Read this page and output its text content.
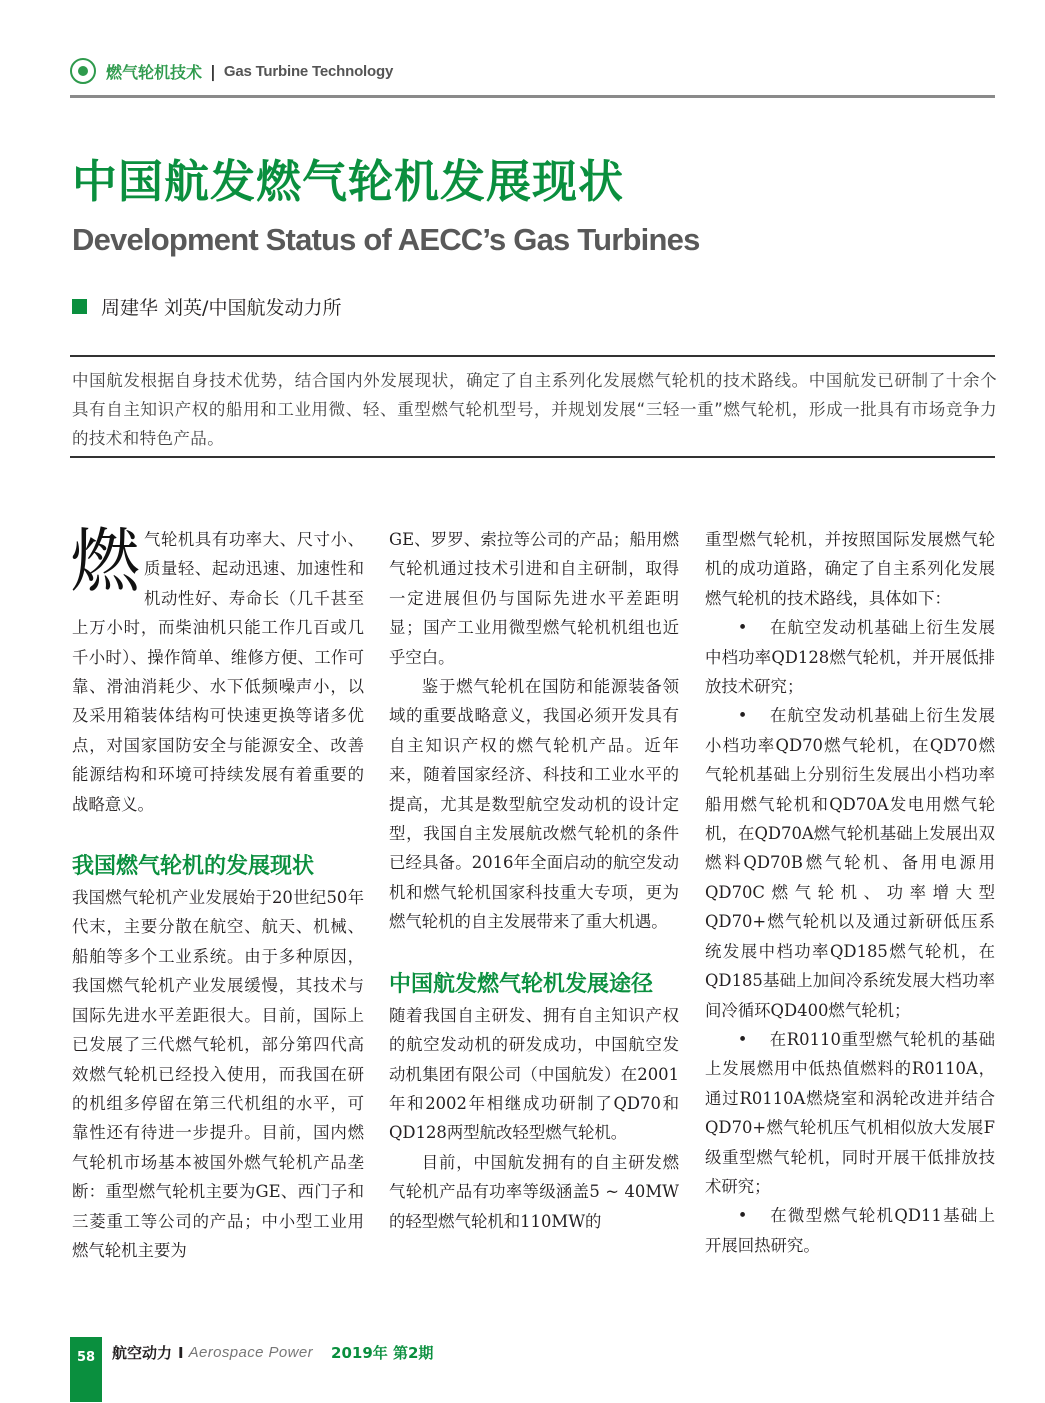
燃气轮机技术 | Gas Turbine Technology
中国航发燃气轮机发展现状
Development Status of AECC’s Gas Turbines
周建华 刘英/中国航发动力所

中国航发根据自身技术优势，结合国内外发展现状，确定了自主系列化发展燃气轮机的技术路线。中国航发已研制了十余个具有自主知识产权的船用和工业用微、轻、重型燃气轮机型号，并规划发展“三轻一重”燃气轮机，形成一批具有市场竞争力的技术和特色产品。

燃气轮机具有功率大、尺寸小、质量轻、起动迅速、加速性和机动性好、寿命长（几千甚至上万小时，而柴油机只能工作几百或几千小时）、操作简单、维修方便、工作可靠、滑油消耗少、水下低频噪声小，以及采用箱装体结构可快速更换等诸多优点，对国家国防安全与能源安全、改善能源结构和环境可持续发展有着重要的战略意义。

我国燃气轮机的发展现状

我国燃气轮机产业发展始于20世纪50年代末，主要分散在航空、航天、机械、船舶等多个工业系统。由于多种原因，我国燃气轮机产业发展缓慢，其技术与国际先进水平差距很大。目前，国际上已发展了三代燃气轮机，部分第四代高效燃气轮机已经投入使用，而我国在研的机组多停留在第三代机组的水平，可靠性还有待进一步提升。目前，国内燃气轮机市场基本被国外燃气轮机产品垄断：重型燃气轮机主要为GE、西门子和三菱重工等公司的产品；中小型工业用燃气轮机主要为

GE、罗罗、索拉等公司的产品；船用燃气轮机通过技术引进和自主研制，取得一定进展但仍与国际先进水平差距明显；国产工业用微型燃气轮机机组也近乎空白。

鉴于燃气轮机在国防和能源装备领域的重要战略意义，我国必须开发具有自主知识产权的燃气轮机产品。近年来，随着国家经济、科技和工业水平的提高，尤其是数型航空发动机的设计定型，我国自主发展航改燃气轮机的条件已经具备。2016年全面启动的航空发动机和燃气轮机国家科技重大专项，更为燃气轮机的自主发展带来了重大机遇。

中国航发燃气轮机发展途径

随着我国自主研发、拥有自主知识产权的航空发动机的研发成功，中国航空发动机集团有限公司（中国航发）在2001年和2002年相继成功研制了QD70和QD128两型航改轻型燃气轮机。

目前，中国航发拥有的自主研发燃气轮机产品有功率等级涵盖5 ~ 40MW的轻型燃气轮机和110MW的

重型燃气轮机，并按照国际发展燃气轮机的成功道路，确定了自主系列化发展燃气轮机的技术路线，具体如下：

• 在航空发动机基础上衍生发展中档功率QD128燃气轮机，并开展低排放技术研究；

• 在航空发动机基础上衍生发展小档功率QD70燃气轮机，在QD70燃气轮机基础上分别衍生发展出小档功率船用燃气轮机和QD70A发电用燃气轮机，在QD70A燃气轮机基础上发展出双燃料QD70B燃气轮机、备用电源用QD70C燃气轮机、功率增大型QD70+燃气轮机以及通过新研低压系统发展中档功率QD185燃气轮机，在QD185基础上加间冷系统发展大档功率间冷循环QD400燃气轮机；

• 在R0110重型燃气轮机的基础上发展燃用中低热值燃料的R0110A，通过R0110A燃烧室和涡轮改进并结合QD70+燃气轮机压气机相似放大发展F级重型燃气轮机，同时开展干低排放技术研究；

• 在微型燃气轮机QD11基础上开展回热研究。

58	航空动力 I Aerospace Power 2019年 第2期
